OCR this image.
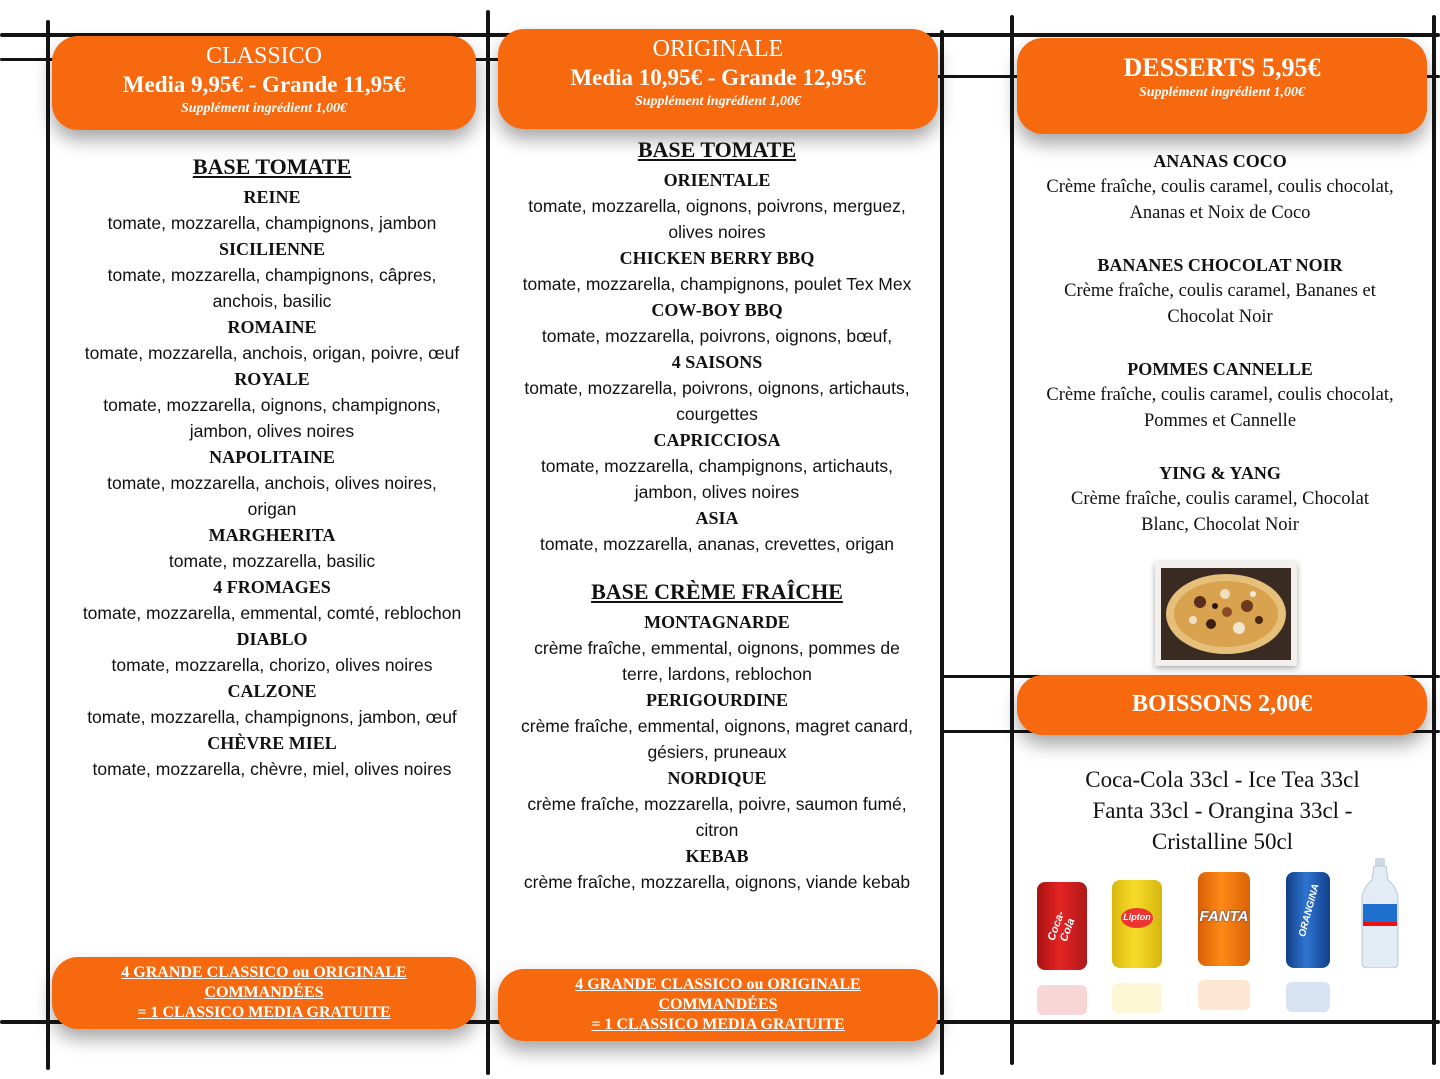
CLASSICO
Media 9,95€ - Grande 11,95€
Supplément ingrédient 1,00€
BASE TOMATE
REINE
tomate, mozzarella, champignons, jambon
SICILIENNE
tomate, mozzarella, champignons, câpres, anchois, basilic
ROMAINE
tomate, mozzarella, anchois, origan, poivre, œuf
ROYALE
tomate, mozzarella, oignons, champignons, jambon, olives noires
NAPOLITAINE
tomate, mozzarella, anchois, olives noires, origan
MARGHERITA
tomate, mozzarella, basilic
4 FROMAGES
tomate, mozzarella, emmental, comté, reblochon
DIABLO
tomate, mozzarella, chorizo, olives noires
CALZONE
tomate, mozzarella, champignons, jambon, œuf
CHÈVRE MIEL
tomate, mozzarella, chèvre, miel, olives noires
4 GRANDE CLASSICO ou ORIGINALE
COMMANDÉES
= 1 CLASSICO MEDIA GRATUITE
ORIGINALE
Media 10,95€ - Grande 12,95€
Supplément ingrédient 1,00€
BASE TOMATE
ORIENTALE
tomate, mozzarella, oignons, poivrons, merguez, olives noires
CHICKEN BERRY BBQ
tomate, mozzarella, champignons, poulet Tex Mex
COW-BOY BBQ
tomate, mozzarella, poivrons, oignons, bœuf,
4 SAISONS
tomate, mozzarella, poivrons, oignons, artichauts, courgettes
CAPRICCIOSA
tomate, mozzarella, champignons, artichauts, jambon, olives noires
ASIA
tomate, mozzarella, ananas, crevettes, origan
BASE CRÈME FRAÎCHE
MONTAGNARDE
crème fraîche, emmental, oignons, pommes de terre, lardons, reblochon
PERIGOURDINE
crème fraîche, emmental, oignons, magret canard, gésiers, pruneaux
NORDIQUE
crème fraîche, mozzarella, poivre, saumon fumé, citron
KEBAB
crème fraîche, mozzarella, oignons, viande kebab
4 GRANDE CLASSICO ou ORIGINALE
COMMANDÉES
= 1 CLASSICO MEDIA GRATUITE
DESSERTS 5,95€
Supplément ingrédient 1,00€
ANANAS COCO
Crème fraîche, coulis caramel, coulis chocolat, Ananas et Noix de Coco
BANANES CHOCOLAT NOIR
Crème fraîche, coulis caramel, Bananes et Chocolat Noir
POMMES CANNELLE
Crème fraîche, coulis caramel, coulis chocolat, Pommes et Cannelle
YING & YANG
Crème fraîche, coulis caramel, Chocolat Blanc, Chocolat Noir
BOISSONS 2,00€
Coca-Cola 33cl - Ice Tea 33cl
Fanta 33cl - Orangina 33cl -
Cristalline 50cl
Coca-Cola	Lipton	FANTA	ORANGINA
